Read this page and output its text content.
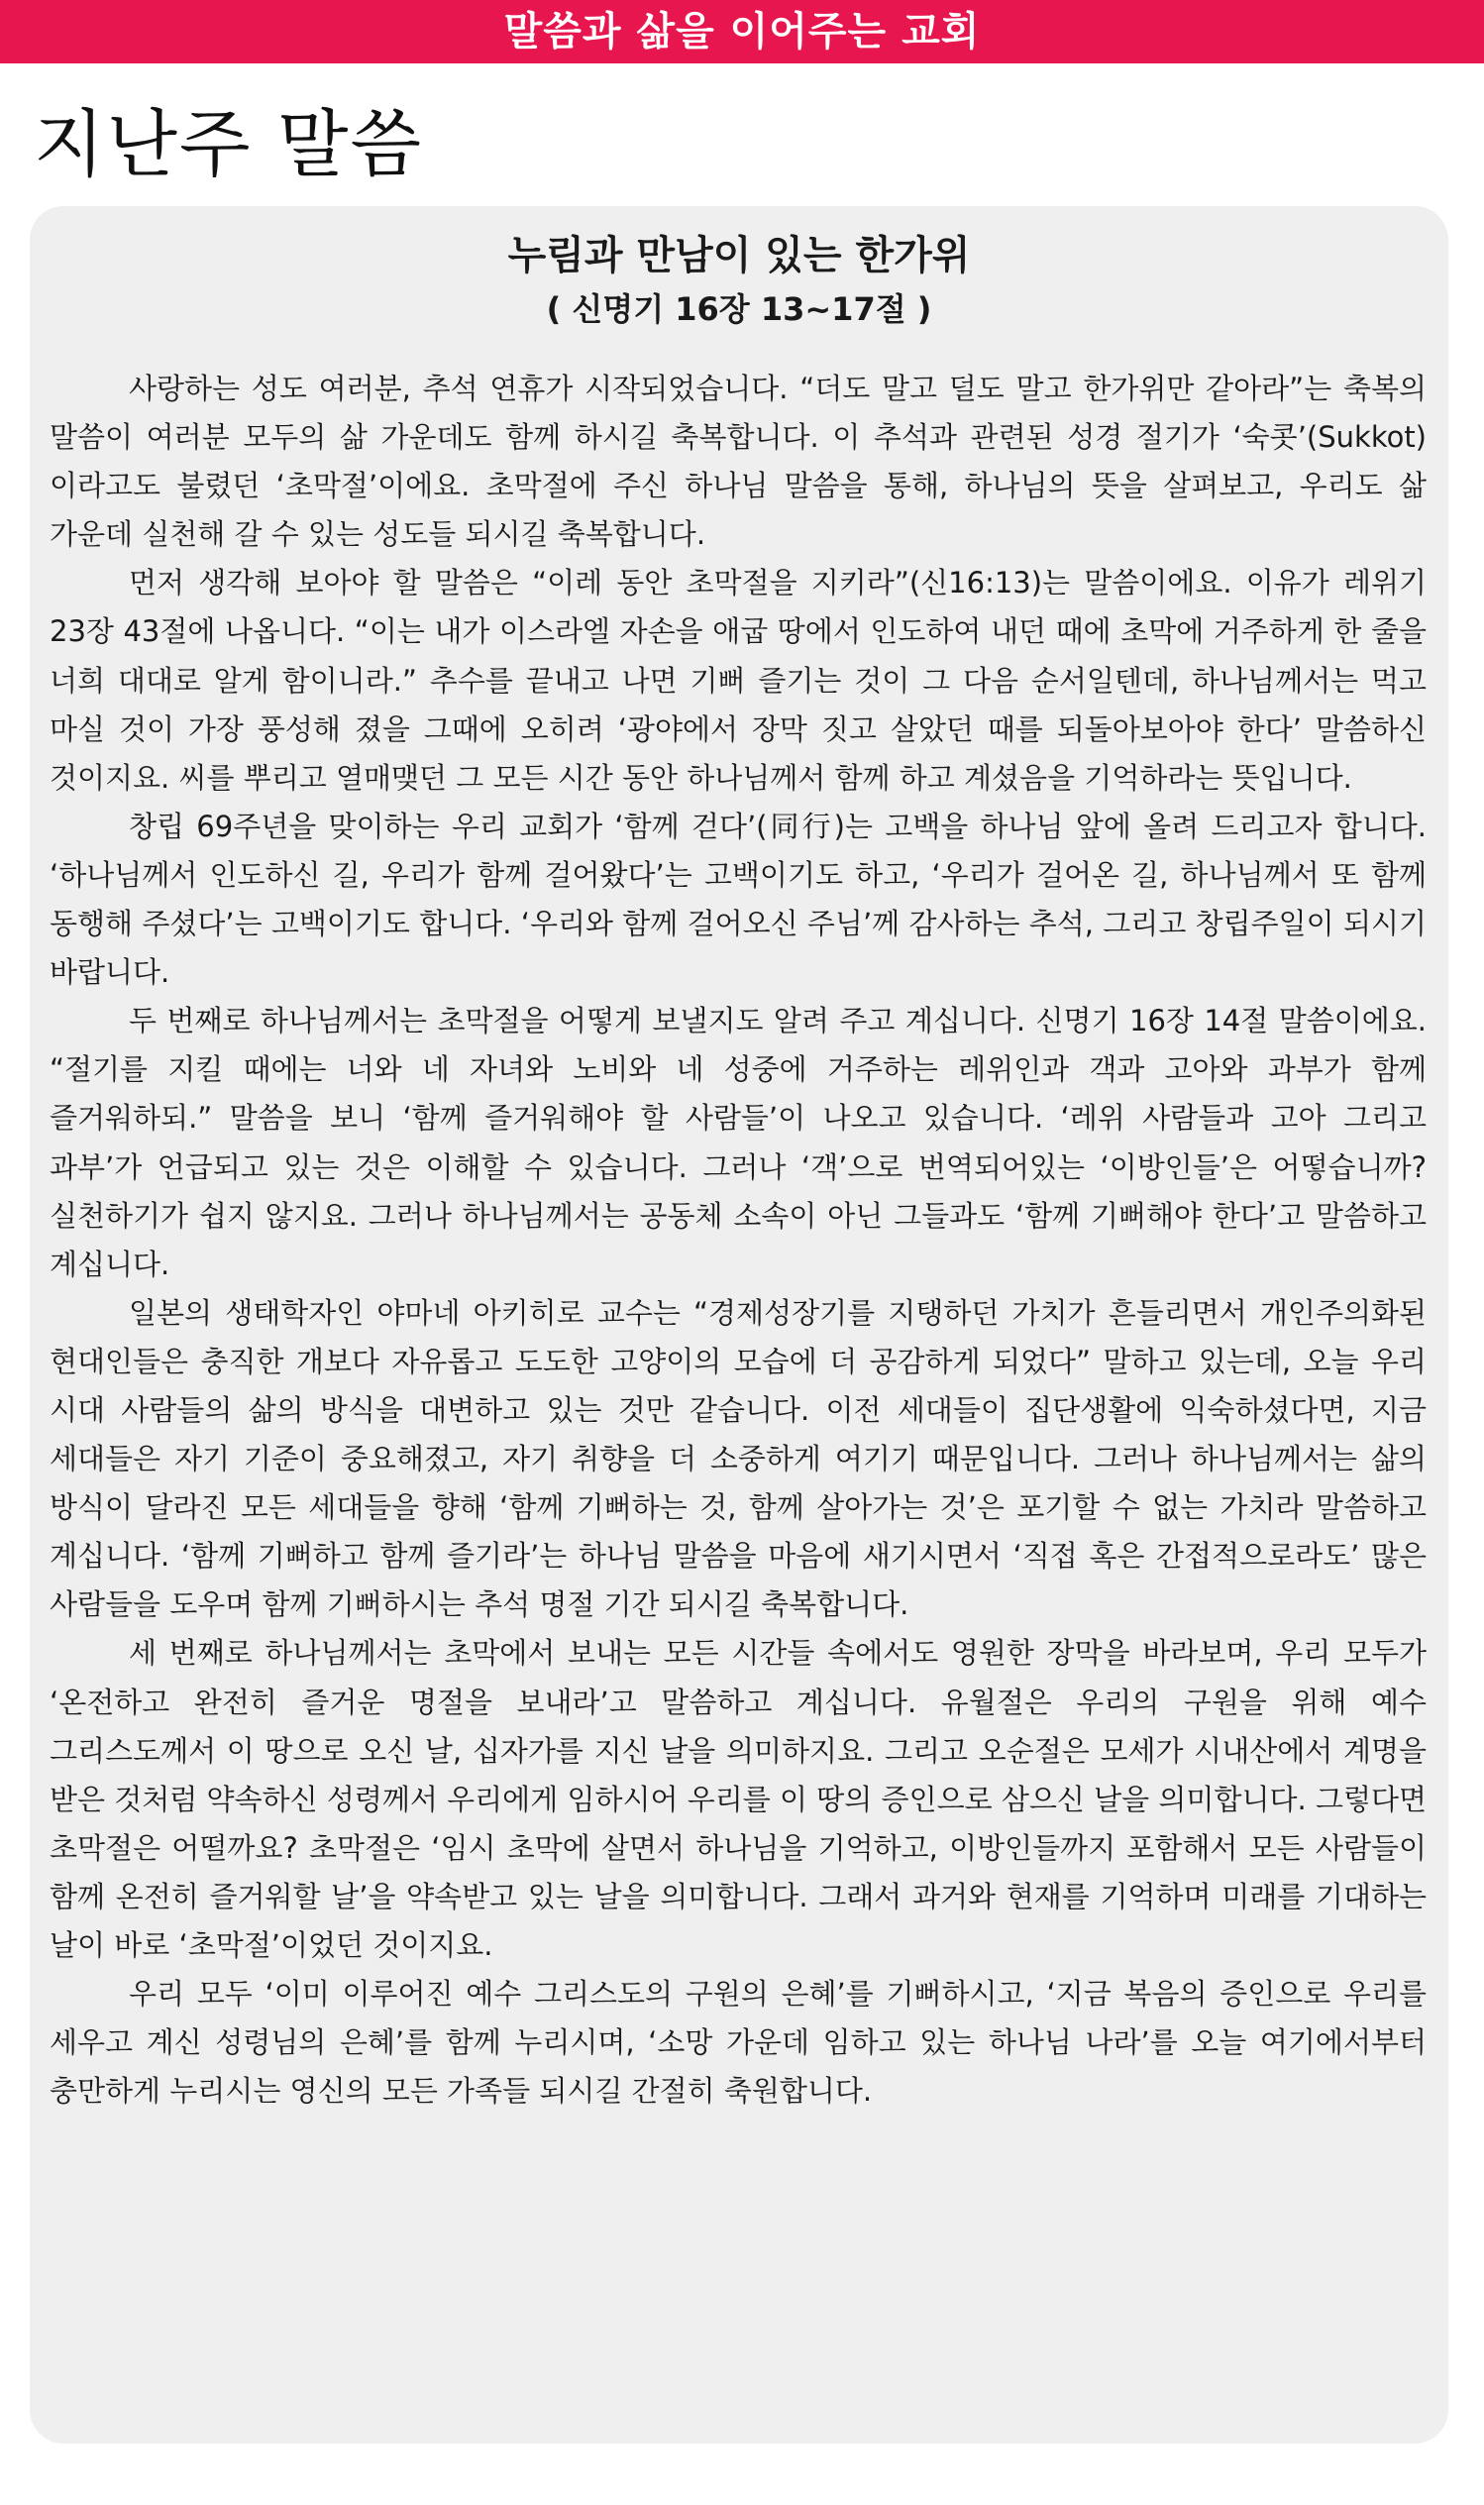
말씀과 삶을 이어주는 교회
지난주 말씀
누림과 만남이 있는 한가위
( 신명기 16장 13~17절 )

사랑하는 성도 여러분, 추석 연휴가 시작되었습니다. “더도 말고 덜도 말고 한가위만 같아라”는 축복의 말씀이 여러분 모두의 삶 가운데도 함께 하시길 축복합니다. 이 추석과 관련된 성경 절기가 ‘숙콧’(Sukkot)이라고도 불렸던 ‘초막절’이에요. 초막절에 주신 하나님 말씀을 통해, 하나님의 뜻을 살펴보고, 우리도 삶 가운데 실천해 갈 수 있는 성도들 되시길 축복합니다.

먼저 생각해 보아야 할 말씀은 “이레 동안 초막절을 지키라”(신16:13)는 말씀이에요. 이유가 레위기 23장 43절에 나옵니다. “이는 내가 이스라엘 자손을 애굽 땅에서 인도하여 내던 때에 초막에 거주하게 한 줄을 너희 대대로 알게 함이니라.” 추수를 끝내고 나면 기뻐 즐기는 것이 그 다음 순서일텐데, 하나님께서는 먹고 마실 것이 가장 풍성해 졌을 그때에 오히려 ‘광야에서 장막 짓고 살았던 때를 되돌아보아야 한다’ 말씀하신 것이지요. 씨를 뿌리고 열매맺던 그 모든 시간 동안 하나님께서 함께 하고 계셨음을 기억하라는 뜻입니다.

창립 69주년을 맞이하는 우리 교회가 ‘함께 걷다’(同行)는 고백을 하나님 앞에 올려 드리고자 합니다. ‘하나님께서 인도하신 길, 우리가 함께 걸어왔다’는 고백이기도 하고, ‘우리가 걸어온 길, 하나님께서 또 함께 동행해 주셨다’는 고백이기도 합니다. ‘우리와 함께 걸어오신 주님’께 감사하는 추석, 그리고 창립주일이 되시기 바랍니다.

두 번째로 하나님께서는 초막절을 어떻게 보낼지도 알려 주고 계십니다. 신명기 16장 14절 말씀이에요. “절기를 지킬 때에는 너와 네 자녀와 노비와 네 성중에 거주하는 레위인과 객과 고아와 과부가 함께 즐거워하되.” 말씀을 보니 ‘함께 즐거워해야 할 사람들’이 나오고 있습니다. ‘레위 사람들과 고아 그리고 과부’가 언급되고 있는 것은 이해할 수 있습니다. 그러나 ‘객’으로 번역되어있는 ‘이방인들’은 어떻습니까? 실천하기가 쉽지 않지요. 그러나 하나님께서는 공동체 소속이 아닌 그들과도 ‘함께 기뻐해야 한다’고 말씀하고 계십니다.

일본의 생태학자인 야마네 아키히로 교수는 “경제성장기를 지탱하던 가치가 흔들리면서 개인주의화된 현대인들은 충직한 개보다 자유롭고 도도한 고양이의 모습에 더 공감하게 되었다” 말하고 있는데, 오늘 우리 시대 사람들의 삶의 방식을 대변하고 있는 것만 같습니다. 이전 세대들이 집단생활에 익숙하셨다면, 지금 세대들은 자기 기준이 중요해졌고, 자기 취향을 더 소중하게 여기기 때문입니다. 그러나 하나님께서는 삶의 방식이 달라진 모든 세대들을 향해 ‘함께 기뻐하는 것, 함께 살아가는 것’은 포기할 수 없는 가치라 말씀하고 계십니다. ‘함께 기뻐하고 함께 즐기라’는 하나님 말씀을 마음에 새기시면서 ‘직접 혹은 간접적으로라도’ 많은 사람들을 도우며 함께 기뻐하시는 추석 명절 기간 되시길 축복합니다.

세 번째로 하나님께서는 초막에서 보내는 모든 시간들 속에서도 영원한 장막을 바라보며, 우리 모두가 ‘온전하고 완전히 즐거운 명절을 보내라’고 말씀하고 계십니다. 유월절은 우리의 구원을 위해 예수 그리스도께서 이 땅으로 오신 날, 십자가를 지신 날을 의미하지요. 그리고 오순절은 모세가 시내산에서 계명을 받은 것처럼 약속하신 성령께서 우리에게 임하시어 우리를 이 땅의 증인으로 삼으신 날을 의미합니다. 그렇다면 초막절은 어떨까요? 초막절은 ‘임시 초막에 살면서 하나님을 기억하고, 이방인들까지 포함해서 모든 사람들이 함께 온전히 즐거워할 날’을 약속받고 있는 날을 의미합니다. 그래서 과거와 현재를 기억하며 미래를 기대하는 날이 바로 ‘초막절’이었던 것이지요.

우리 모두 ‘이미 이루어진 예수 그리스도의 구원의 은혜’를 기뻐하시고, ‘지금 복음의 증인으로 우리를 세우고 계신 성령님의 은혜’를 함께 누리시며, ‘소망 가운데 임하고 있는 하나님 나라’를 오늘 여기에서부터 충만하게 누리시는 영신의 모든 가족들 되시길 간절히 축원합니다.
